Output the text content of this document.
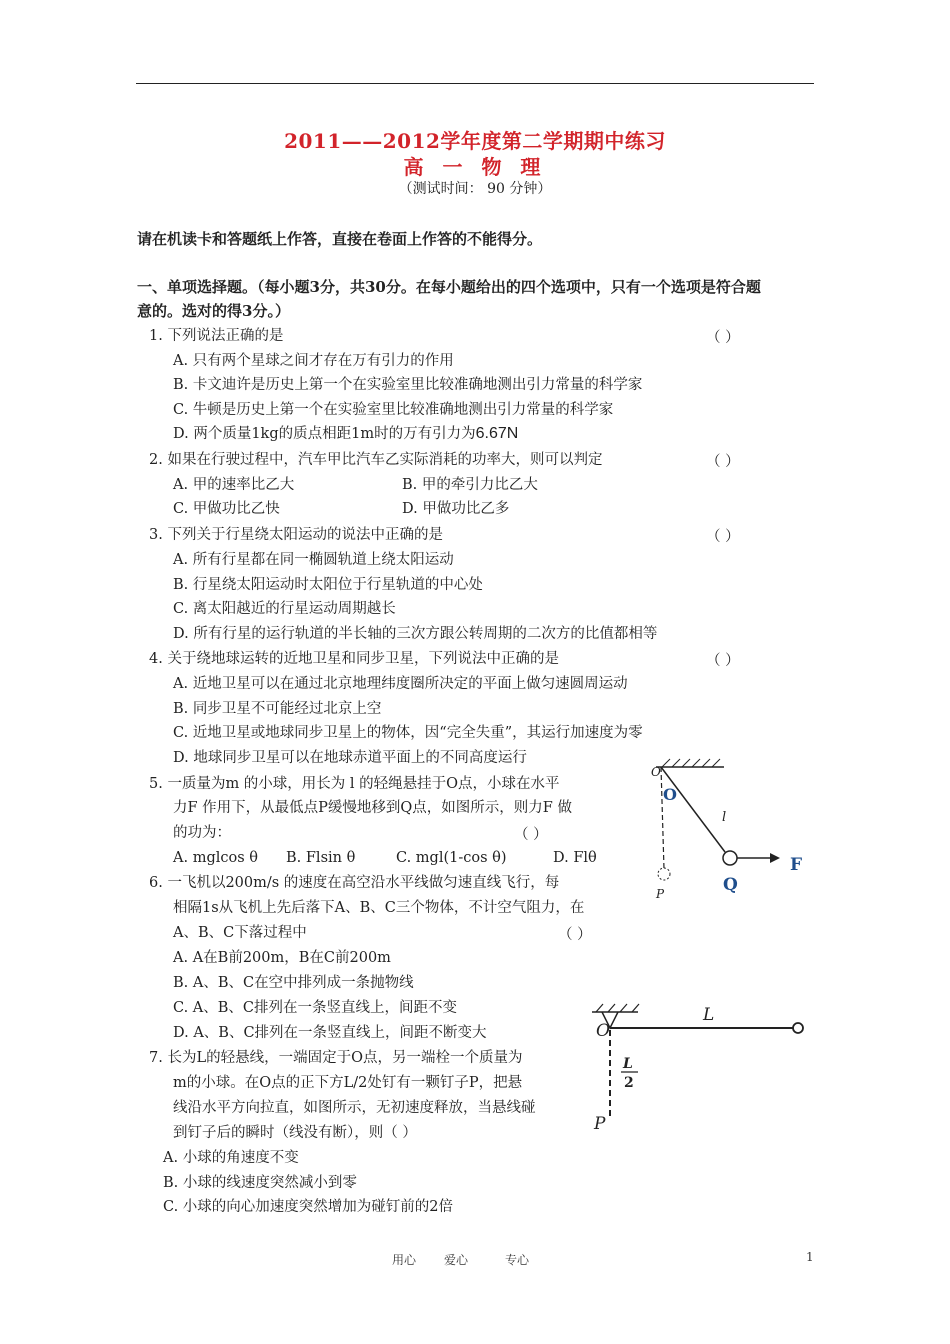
2011——2012学年度第二学期期中练习
高 一 物 理
（测试时间： 90 分钟）
请在机读卡和答题纸上作答，直接在卷面上作答的不能得分。
一、单项选择题。（每小题3分，共30分。在每小题给出的四个选项中，只有一个选项是符合题
意的。选对的得3分。）
1. 下列说法正确的是	（ ）
A. 只有两个星球之间才存在万有引力的作用
B. 卡文迪许是历史上第一个在实验室里比较准确地测出引力常量的科学家
C. 牛顿是历史上第一个在实验室里比较准确地测出引力常量的科学家
D. 两个质量1kg的质点相距1m时的万有引力为6.67N
2. 如果在行驶过程中，汽车甲比汽车乙实际消耗的功率大，则可以判定	（ ）
A. 甲的速率比乙大	B. 甲的牵引力比乙大
C. 甲做功比乙快	D. 甲做功比乙多
3. 下列关于行星绕太阳运动的说法中正确的是	（ ）
A. 所有行星都在同一椭圆轨道上绕太阳运动
B. 行星绕太阳运动时太阳位于行星轨道的中心处
C. 离太阳越近的行星运动周期越长
D. 所有行星的运行轨道的半长轴的三次方跟公转周期的二次方的比值都相等
4. 关于绕地球运转的近地卫星和同步卫星，下列说法中正确的是	（ ）
A. 近地卫星可以在通过北京地理纬度圈所决定的平面上做匀速圆周运动
B. 同步卫星不可能经过北京上空
C. 近地卫星或地球同步卫星上的物体，因“完全失重”，其运行加速度为零
D. 地球同步卫星可以在地球赤道平面上的不同高度运行
5. 一质量为m 的小球，用长为 l 的轻绳悬挂于O点，小球在水平
力F 作用下，从最低点P缓慢地移到Q点，如图所示，则力F 做
的功为：	（ ）
A. mglcos θ B. Flsin θ	C. mgl(1-cos θ)	D. Flθ
6. 一飞机以200m/s 的速度在高空沿水平线做匀速直线飞行，每
相隔1s从飞机上先后落下A、B、C三个物体，不计空气阻力，在
A、B、C下落过程中	（ ）
A. A在B前200m，B在C前200m
B. A、B、C在空中排列成一条抛物线
C. A、B、C排列在一条竖直线上，间距不变
D. A、B、C排列在一条竖直线上，间距不断变大
7. 长为L的轻悬线，一端固定于O点，另一端栓一个质量为
m的小球。在O点的正下方L/2处钉有一颗钉子P，把悬
线沿水平方向拉直，如图所示，无初速度释放，当悬线碰
到钉子后的瞬时（线没有断），则（ ）
A. 小球的角速度不变
B. 小球的线速度突然减小到零
C. 小球的向心加速度突然增加为碰钉前的2倍
O
O
l
F
Q
P
O
L
L
2
P
用心 爱心	专心	1
